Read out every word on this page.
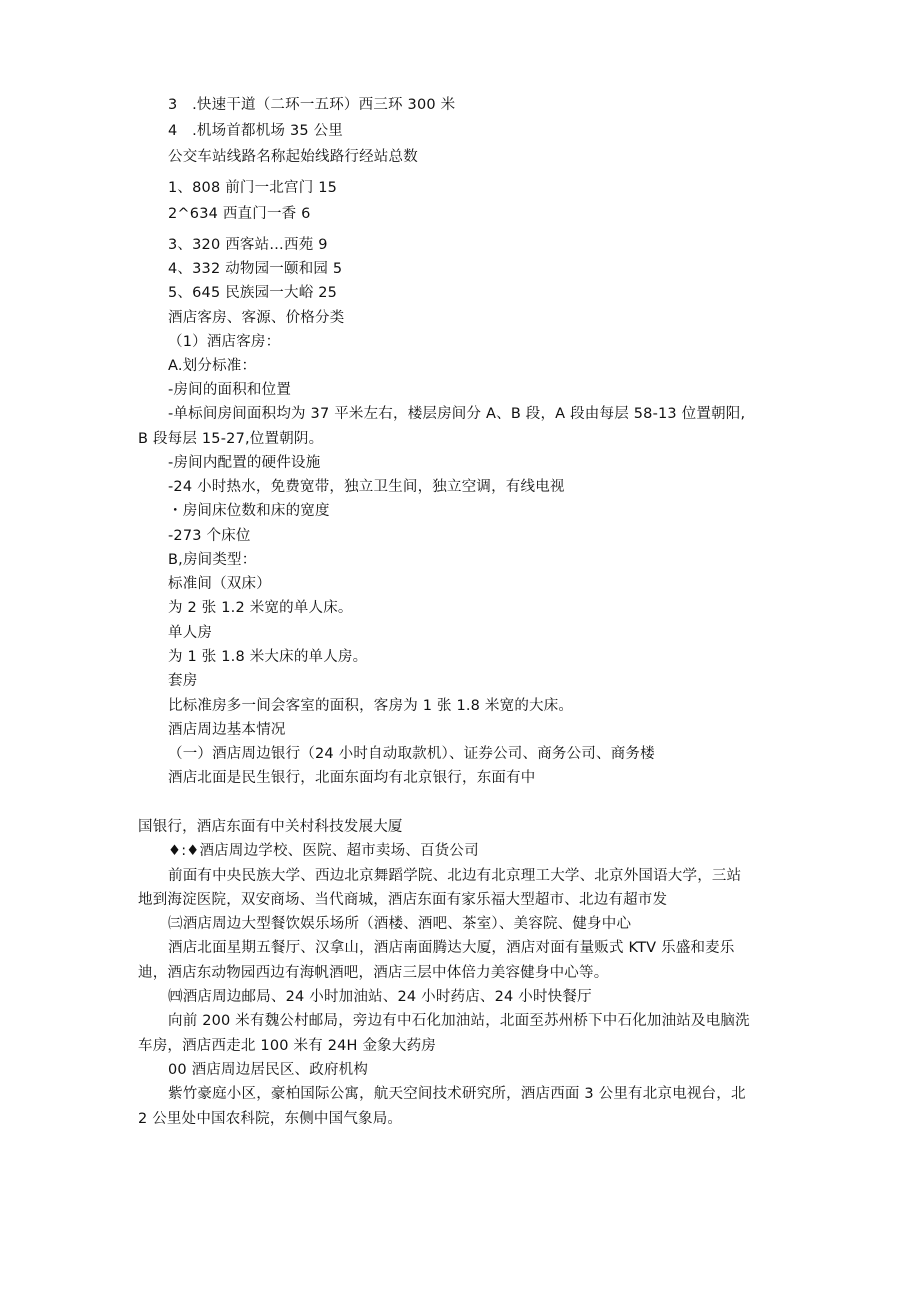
3　.快速干道（二环一五环）西三环 300 米
4　.机场首都机场 35 公里
公交车站线路名称起始线路行经站总数
1、808 前门一北宫门 15
2^634 西直门一香 6
3、320 西客站…西苑 9
4、332 动物园一颐和园 5
5、645 民族园一大峪 25
酒店客房、客源、价格分类
（1）酒店客房：
A.划分标准：
-房间的面积和位置
-单标间房间面积均为 37 平米左右，楼层房间分 A、B 段，A 段由每层 58-13 位置朝阳,
B 段每层 15-27,位置朝阴。
-房间内配置的硬件设施
-24 小时热水，免费宽带，独立卫生间，独立空调，有线电视
・房间床位数和床的宽度
-273 个床位
B,房间类型：
标准间（双床）
为 2 张 1.2 米宽的单人床。
单人房
为 1 张 1.8 米大床的单人房。
套房
比标准房多一间会客室的面积，客房为 1 张 1.8 米宽的大床。
酒店周边基本情况
（一）酒店周边银行（24 小时自动取款机）、证券公司、商务公司、商务楼
酒店北面是民生银行，北面东面均有北京银行，东面有中
国银行，酒店东面有中关村科技发展大厦
♦:♦酒店周边学校、医院、超市卖场、百货公司
前面有中央民族大学、西边北京舞蹈学院、北边有北京理工大学、北京外国语大学，三站
地到海淀医院，双安商场、当代商城，酒店东面有家乐福大型超市、北边有超市发
㈢酒店周边大型餐饮娱乐场所（酒楼、酒吧、茶室）、美容院、健身中心
酒店北面星期五餐厅、汉拿山，酒店南面腾达大厦，酒店对面有量贩式 KTV 乐盛和麦乐
迪，酒店东动物园西边有海帆酒吧，酒店三层中体倍力美容健身中心等。
㈣酒店周边邮局、24 小时加油站、24 小时药店、24 小时快餐厅
向前 200 米有魏公村邮局，旁边有中石化加油站，北面至苏州桥下中石化加油站及电脑洗
车房，酒店西走北 100 米有 24H 金象大药房
00 酒店周边居民区、政府机构
紫竹豪庭小区，豪柏国际公寓，航天空间技术研究所，酒店西面 3 公里有北京电视台，北
2 公里处中国农科院，东侧中国气象局。
